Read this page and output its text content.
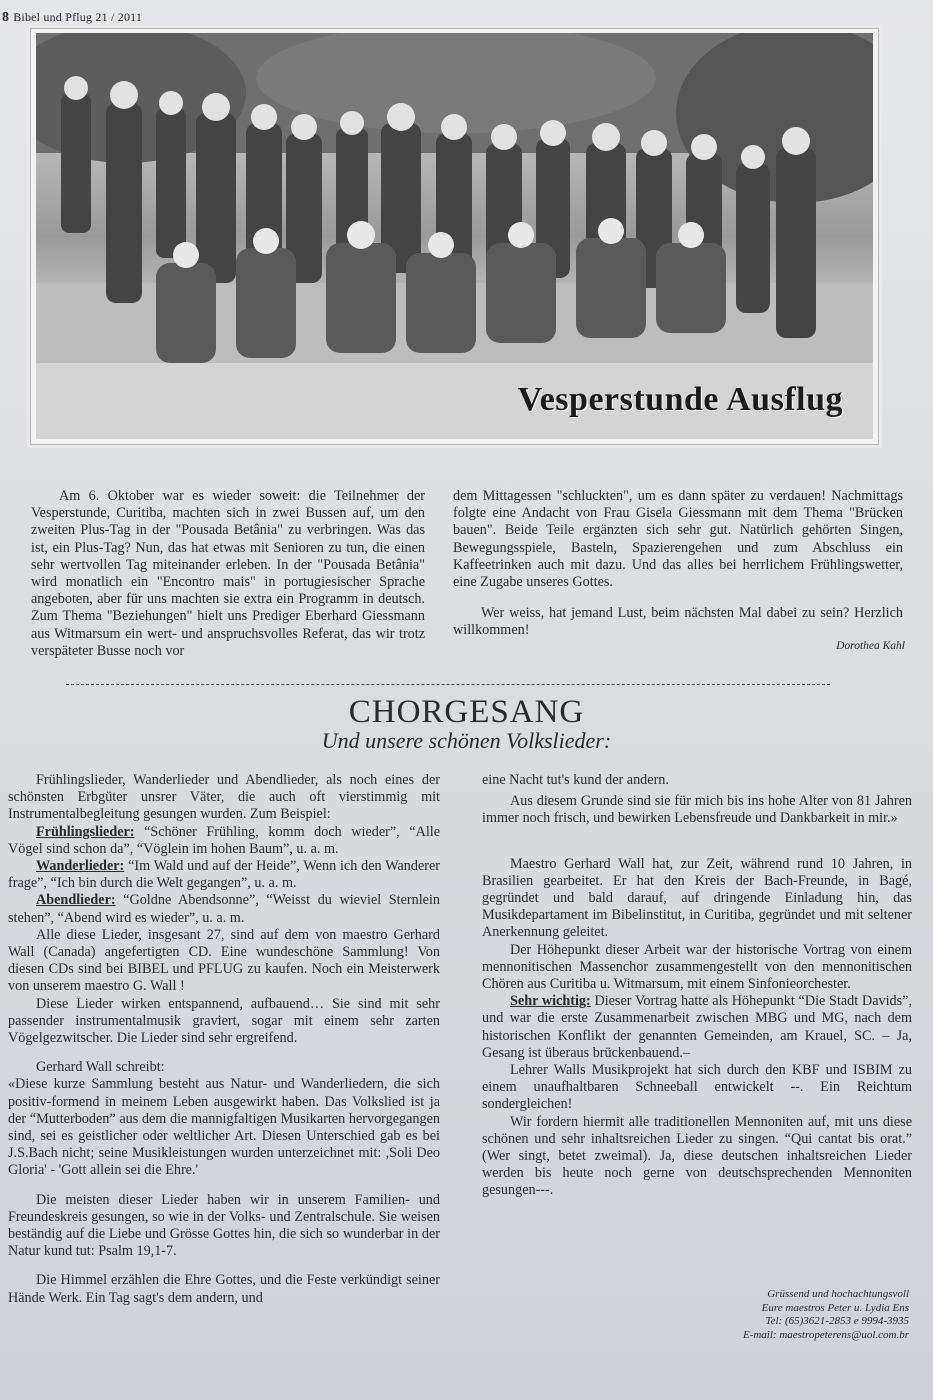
8 Bibel und Pflug 21 / 2011
Vesperstunde Ausflug

Am 6. Oktober war es wieder soweit: die Teilnehmer der Vesperstunde, Curitiba, machten sich in zwei Bussen auf, um den zweiten Plus-Tag in der "Pousada Betânia" zu verbringen. Was das ist, ein Plus-Tag? Nun, das hat etwas mit Senioren zu tun, die einen sehr wertvollen Tag miteinander erleben. In der "Pousada Betânia" wird monatlich ein "Encontro mais" in portugiesischer Sprache angeboten, aber für uns machten sie extra ein Programm in deutsch. Zum Thema "Beziehungen" hielt uns Prediger Eberhard Giessmann aus Witmarsum ein wert- und anspruchsvolles Referat, das wir trotz verspäteter Busse noch vor

dem Mittagessen "schluckten", um es dann später zu verdauen! Nachmittags folgte eine Andacht von Frau Gisela Giessmann mit dem Thema "Brücken bauen". Beide Teile ergänzten sich sehr gut. Natürlich gehörten Singen, Bewegungsspiele, Basteln, Spazierengehen und zum Abschluss ein Kaffeetrinken auch mit dazu. Und das alles bei herrlichem Frühlingswetter, eine Zugabe unseres Gottes.

Wer weiss, hat jemand Lust, beim nächsten Mal dabei zu sein? Herzlich willkommen!

Dorothea Kahl
CHORGESANG
Und unsere schönen Volkslieder:

Frühlingslieder, Wanderlieder und Abendlieder, als noch eines der schönsten Erbgüter unsrer Väter, die auch oft vierstimmig mit Instrumentalbegleitung gesungen wurden. Zum Beispiel:

Frühlingslieder: “Schöner Frühling, komm doch wieder”, “Alle Vögel sind schon da”, “Vöglein im hohen Baum”, u. a. m.

Wanderlieder: “Im Wald und auf der Heide”, Wenn ich den Wanderer frage”, “Ich bin durch die Welt gegangen”, u. a. m.

Abendlieder: “Goldne Abendsonne”, “Weisst du wieviel Sternlein stehen”, “Abend wird es wieder”, u. a. m.

Alle diese Lieder, insgesant 27, sind auf dem von maestro Gerhard Wall (Canada) angefertigten CD. Eine wundeschöne Sammlung! Von diesen CDs sind bei BIBEL und PFLUG zu kaufen. Noch ein Meisterwerk von unserem maestro G. Wall !

Diese Lieder wirken entspannend, aufbauend… Sie sind mit sehr passender instrumentalmusik graviert, sogar mit einem sehr zarten Vögelgezwitscher. Die Lieder sind sehr ergreifend.

Gerhard Wall schreibt:

«Diese kurze Sammlung besteht aus Natur- und Wanderliedern, die sich positiv-formend in meinem Leben ausgewirkt haben. Das Volkslied ist ja der “Mutterboden” aus dem die mannigfaltigen Musikarten hervorgegangen sind, sei es geistlicher oder weltlicher Art. Diesen Unterschied gab es bei J.S.Bach nicht; seine Musikleistungen wurden unterzeichnet mit: ,Soli Deo Gloria' - 'Gott allein sei die Ehre.'

Die meisten dieser Lieder haben wir in unserem Familien- und Freundeskreis gesungen, so wie in der Volks- und Zentralschule. Sie weisen beständig auf die Liebe und Grösse Gottes hin, die sich so wunderbar in der Natur kund tut: Psalm 19,1-7.

Die Himmel erzählen die Ehre Gottes, und die Feste verkündigt seiner Hände Werk. Ein Tag sagt's dem andern, und

eine Nacht tut's kund der andern.

Aus diesem Grunde sind sie für mich bis ins hohe Alter von 81 Jahren immer noch frisch, und bewirken Lebensfreude und Dankbarkeit in mir.»

Maestro Gerhard Wall hat, zur Zeit, während rund 10 Jahren, in Brasilien gearbeitet. Er hat den Kreis der Bach-Freunde, in Bagé, gegründet und bald darauf, auf dringende Einladung hin, das Musikdepartament im Bibelinstitut, in Curitiba, gegründet und mit seltener Anerkennung geleitet.

Der Höhepunkt dieser Arbeit war der historische Vortrag von einem mennonitischen Massenchor zusammengestellt von den mennonitischen Chören aus Curitiba u. Witmarsum, mit einem Sinfonieorchester.

Sehr wichtig: Dieser Vortrag hatte als Höhepunkt “Die Stadt Davids”, und war die erste Zusammenarbeit zwischen MBG und MG, nach dem historischen Konflikt der genannten Gemeinden, am Krauel, SC. – Ja, Gesang ist überaus brückenbauend.–

Lehrer Walls Musikprojekt hat sich durch den KBF und ISBIM zu einem unaufhaltbaren Schneeball entwickelt --. Ein Reichtum sondergleichen!

Wir fordern hiermit alle traditionellen Mennoniten auf, mit uns diese schönen und sehr inhaltsreichen Lieder zu singen. “Qui cantat bis orat.” (Wer singt, betet zweimal). Ja, diese deutschen inhaltsreichen Lieder werden bis heute noch gerne von deutschsprechenden Mennoniten gesungen---.

Grüssend und hochachtungsvoll
Eure maestros Peter u. Lydia Ens
Tel: (65)3621-2853 e 9994-3935
E-mail: maestropeterens@uol.com.br
